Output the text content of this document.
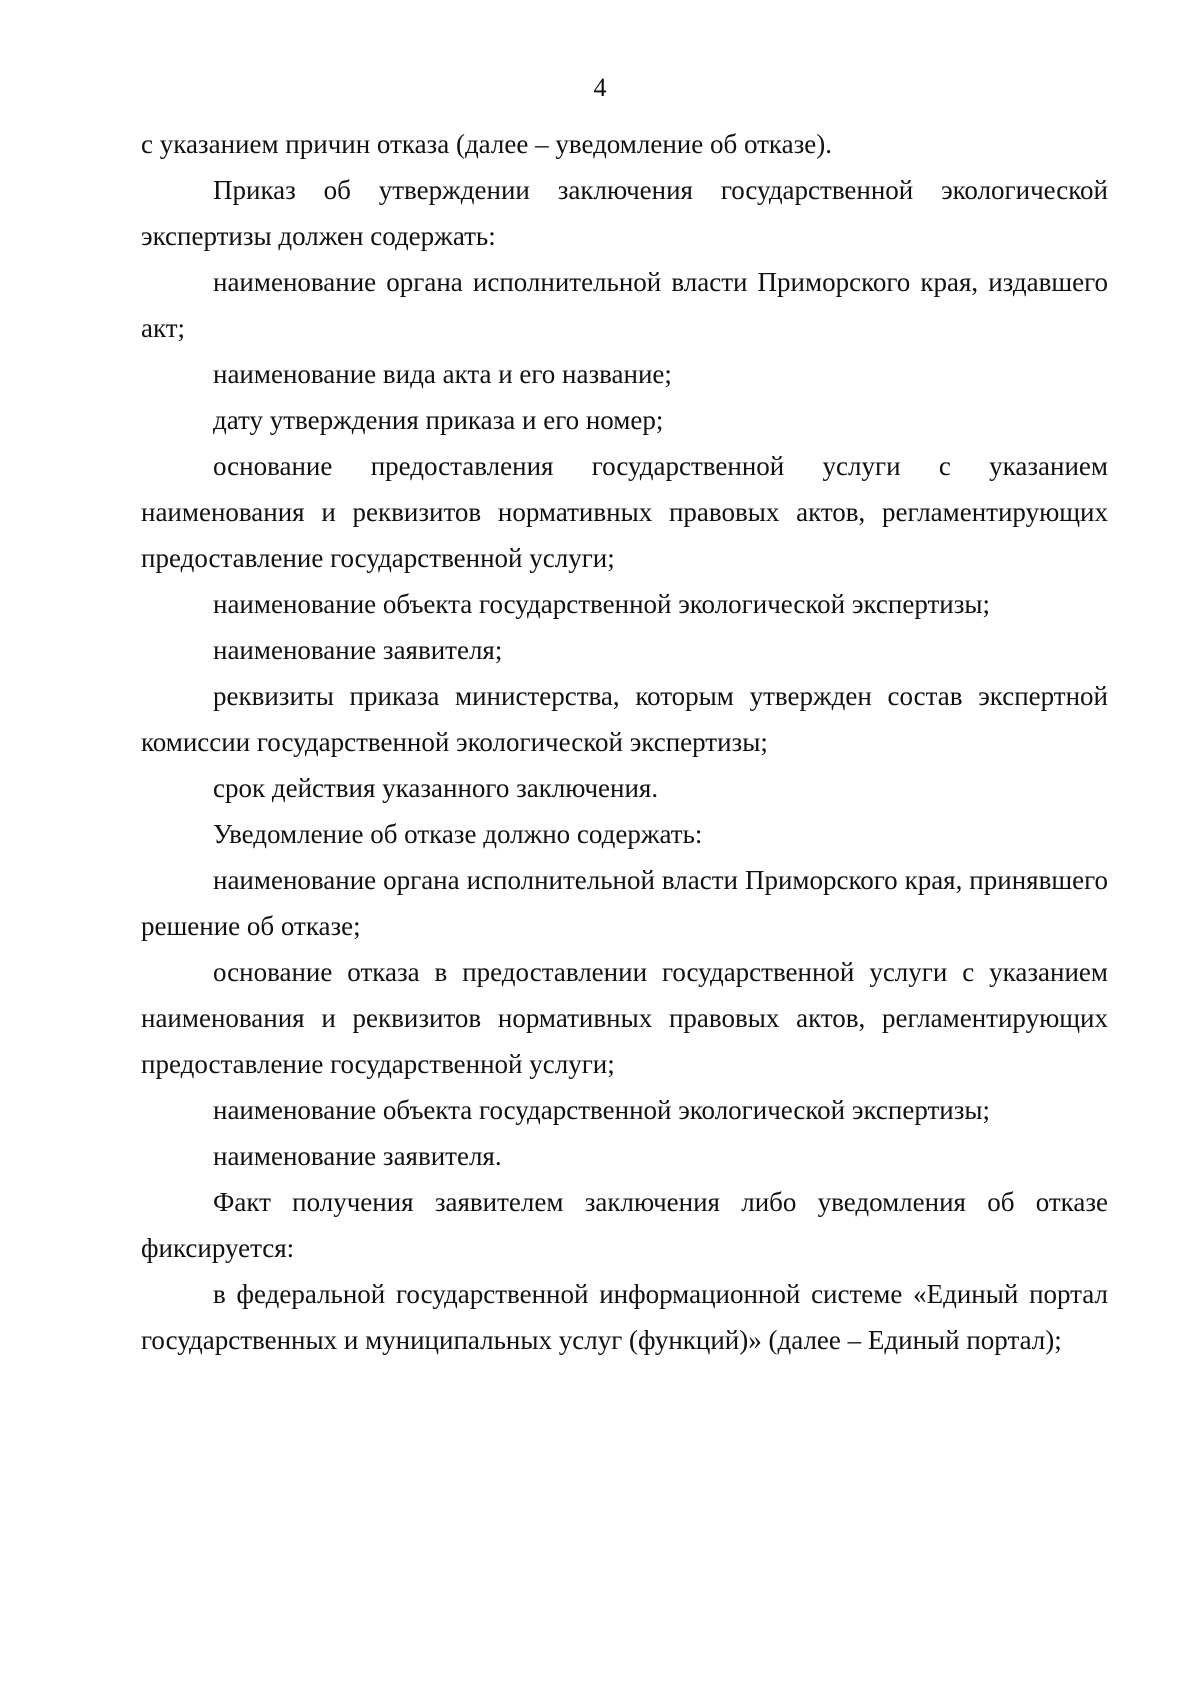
4

с указанием причин отказа (далее – уведомление об отказе).

Приказ об утверждении заключения государственной экологической экспертизы должен содержать:

наименование органа исполнительной власти Приморского края, издавшего акт;

наименование вида акта и его название;

дату утверждения приказа и его номер;

основание предоставления государственной услуги с указанием наименования и реквизитов нормативных правовых актов, регламентирующих предоставление государственной услуги;

наименование объекта государственной экологической экспертизы;

наименование заявителя;

реквизиты приказа министерства, которым утвержден состав экспертной комиссии государственной экологической экспертизы;

срок действия указанного заключения.

Уведомление об отказе должно содержать:

наименование органа исполнительной власти Приморского края, принявшего решение об отказе;

основание отказа в предоставлении государственной услуги с указанием наименования и реквизитов нормативных правовых актов, регламентирующих предоставление государственной услуги;

наименование объекта государственной экологической экспертизы;

наименование заявителя.

Факт получения заявителем заключения либо уведомления об отказе фиксируется:

в федеральной государственной информационной системе «Единый портал государственных и муниципальных услуг (функций)» (далее – Единый портал);
